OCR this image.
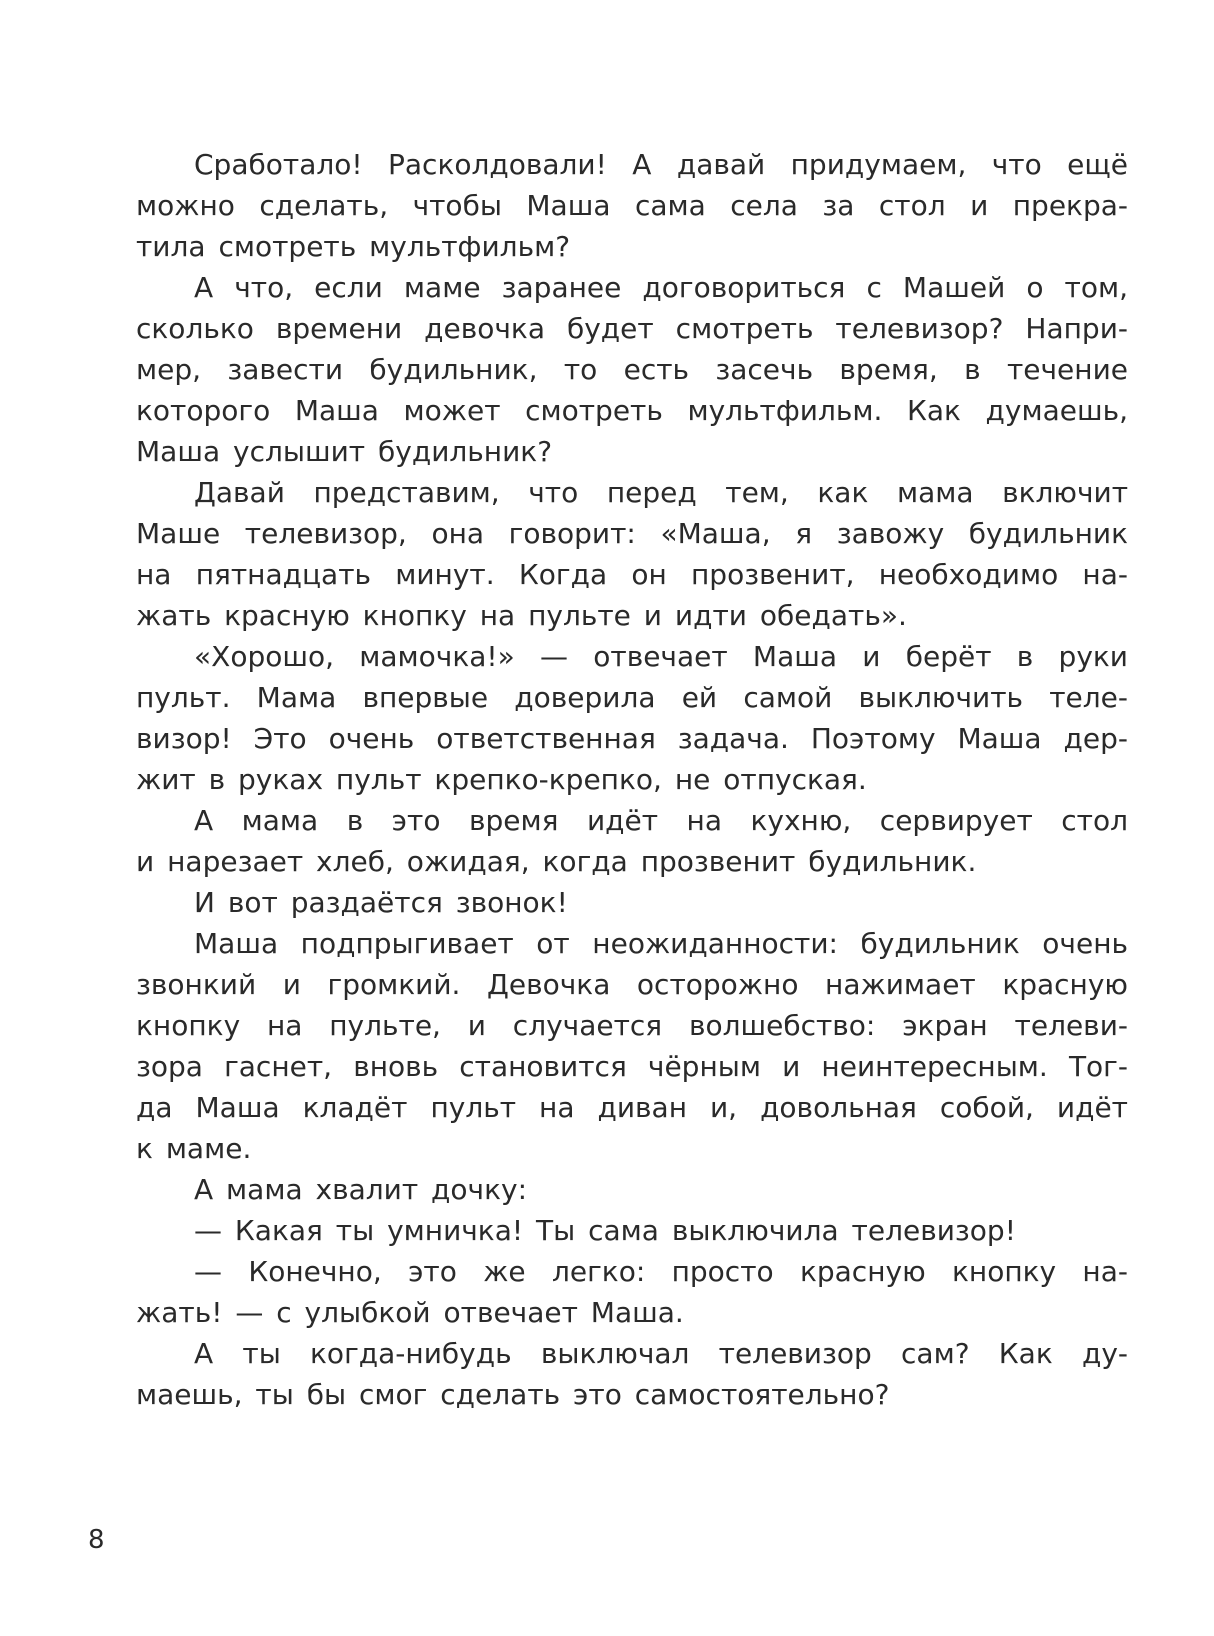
Сработало! Расколдовали! А давай придумаем, что ещё
можно сделать, чтобы Маша сама села за стол и прекра-
тила смотреть мультфильм?

А что, если маме заранее договориться с Машей о том,
сколько времени девочка будет смотреть телевизор? Напри-
мер, завести будильник, то есть засечь время, в течение
которого Маша может смотреть мультфильм. Как думаешь,
Маша услышит будильник?

Давай представим, что перед тем, как мама включит
Маше телевизор, она говорит: «Маша, я завожу будильник
на пятнадцать минут. Когда он прозвенит, необходимо на-
жать красную кнопку на пульте и идти обедать».

«Хорошо, мамочка!» — отвечает Маша и берёт в руки
пульт. Мама впервые доверила ей самой выключить теле-
визор! Это очень ответственная задача. Поэтому Маша дер-
жит в руках пульт крепко-крепко, не отпуская.

А мама в это время идёт на кухню, сервирует стол
и нарезает хлеб, ожидая, когда прозвенит будильник.

И вот раздаётся звонок!

Маша подпрыгивает от неожиданности: будильник очень
звонкий и громкий. Девочка осторожно нажимает красную
кнопку на пульте, и случается волшебство: экран телеви-
зора гаснет, вновь становится чёрным и неинтересным. Тог-
да Маша кладёт пульт на диван и, довольная собой, идёт
к маме.

А мама хвалит дочку:

— Какая ты умничка! Ты сама выключила телевизор!

— Конечно, это же легко: просто красную кнопку на-
жать! — с улыбкой отвечает Маша.

А ты когда-нибудь выключал телевизор сам? Как ду-
маешь, ты бы смог сделать это самостоятельно?

8
